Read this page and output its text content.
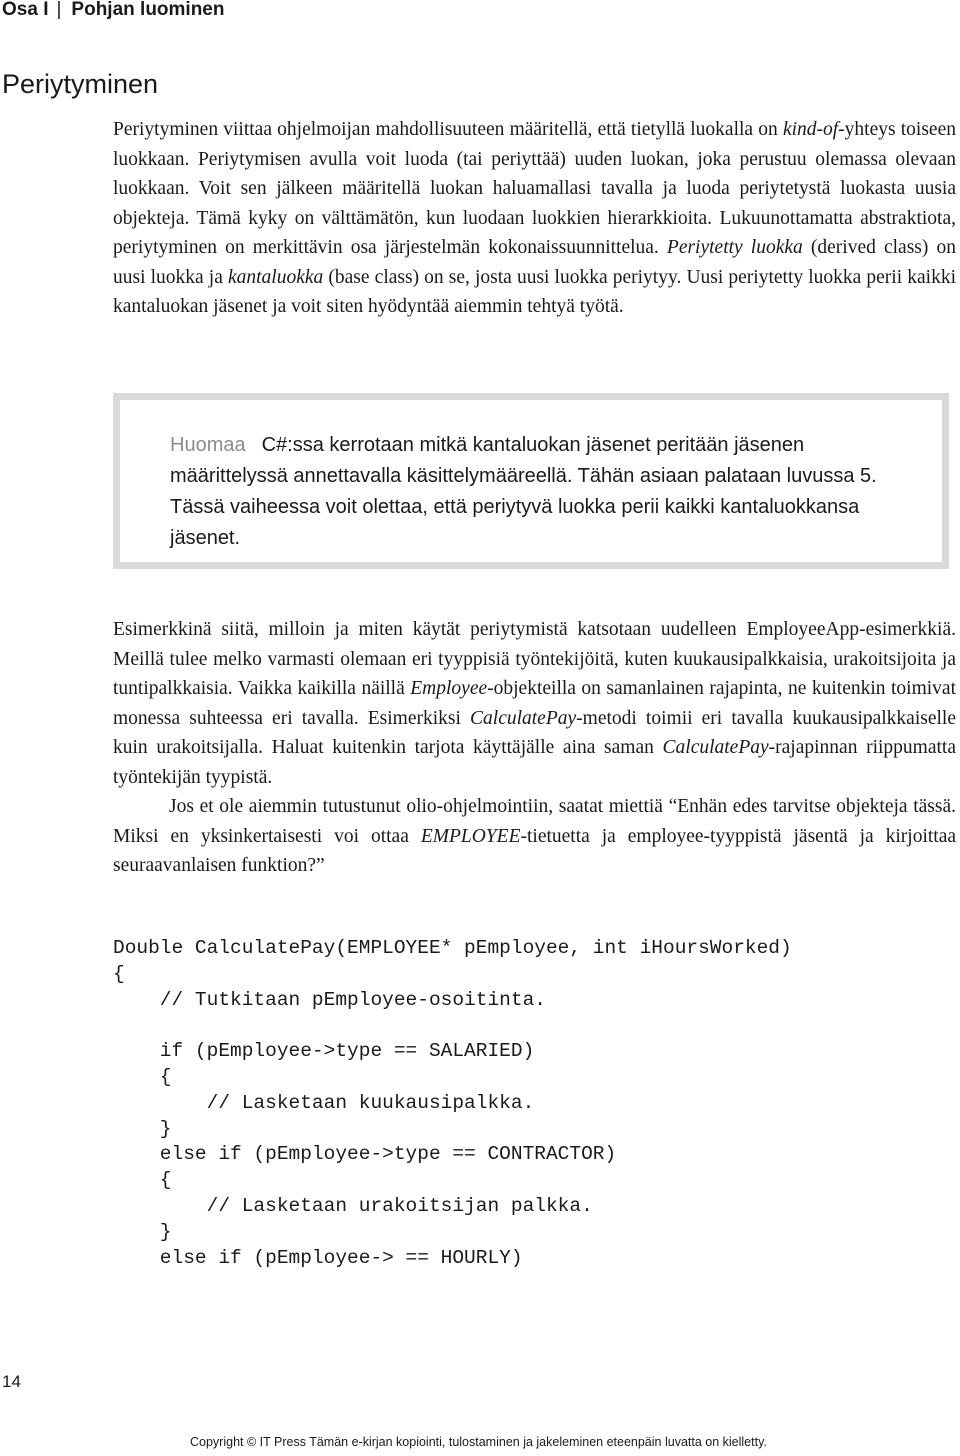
Osa I | Pohjan luominen
Periytyminen

Periytyminen viittaa ohjelmoijan mahdollisuuteen määritellä, että tietyllä luokalla on kind-of-yhteys toiseen luokkaan. Periytymisen avulla voit luoda (tai periyttää) uuden luokan, joka perustuu olemassa olevaan luokkaan. Voit sen jälkeen määritellä luokan haluamallasi tavalla ja luoda periytetystä luokasta uusia objekteja. Tämä kyky on välttämätön, kun luodaan luokkien hierarkkioita. Lukuunottamatta abstraktiota, periytyminen on merkittävin osa järjestelmän kokonaissuunnittelua. Periytetty luokka (derived class) on uusi luokka ja kantaluokka (base class) on se, josta uusi luokka periytyy. Uusi periytetty luokka perii kaikki kantaluokan jäsenet ja voit siten hyödyntää aiemmin tehtyä työtä.

Huomaa C#:ssa kerrotaan mitkä kantaluokan jäsenet peritään jäsenen määrittelyssä annettavalla käsittelymääreellä. Tähän asiaan palataan luvussa 5. Tässä vaiheessa voit olettaa, että periytyvä luokka perii kaikki kantaluokkansa jäsenet.

Esimerkkinä siitä, milloin ja miten käytät periytymistä katsotaan uudelleen EmployeeApp-esimerkkiä. Meillä tulee melko varmasti olemaan eri tyyppisiä työntekijöitä, kuten kuukausipalkkaisia, urakoitsijoita ja tuntipalkkaisia. Vaikka kaikilla näillä Employee-objekteilla on samanlainen rajapinta, ne kuitenkin toimivat monessa suhteessa eri tavalla. Esimerkiksi CalculatePay-metodi toimii eri tavalla kuukausipalkkaiselle kuin urakoitsijalla. Haluat kuitenkin tarjota käyttäjälle aina saman CalculatePay-rajapinnan riippumatta työntekijän tyypistä.

Jos et ole aiemmin tutustunut olio-ohjelmointiin, saatat miettiä “Enhän edes tarvitse objekteja tässä. Miksi en yksinkertaisesti voi ottaa EMPLOYEE-tietuetta ja employee-tyyppistä jäsentä ja kirjoittaa seuraavanlaisen funktion?”

Double CalculatePay(EMPLOYEE* pEmployee, int iHoursWorked)
{
// Tutkitaan pEmployee-osoitinta.
if (pEmployee->type == SALARIED)
{
// Lasketaan kuukausipalkka.
}
else if (pEmployee->type == CONTRACTOR)
{
// Lasketaan urakoitsijan palkka.
}
else if (pEmployee-> == HOURLY)
14
Copyright © IT Press Tämän e-kirjan kopiointi, tulostaminen ja jakeleminen eteenpäin luvatta on kielletty.
